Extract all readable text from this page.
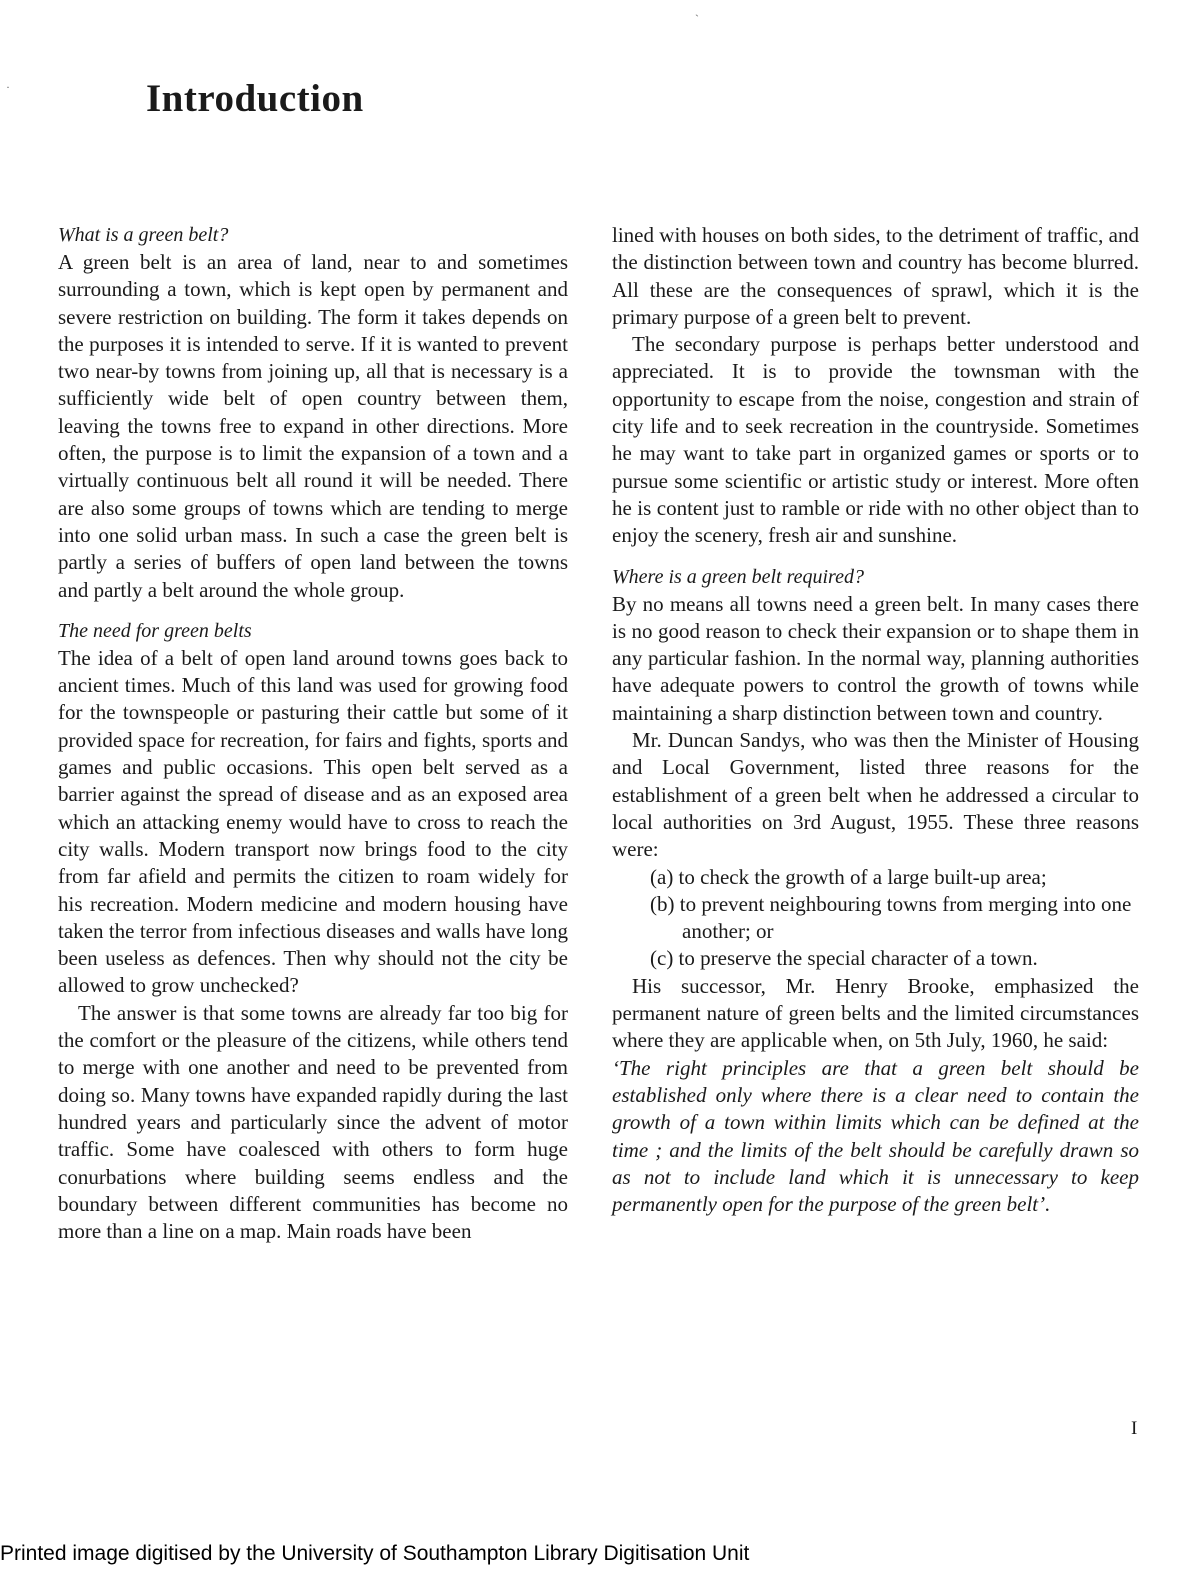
`
·	Introduction
What is a green belt?

A green belt is an area of land, near to and sometimes surrounding a town, which is kept open by permanent and severe restriction on building. The form it takes depends on the purposes it is intended to serve. If it is wanted to prevent two near-by towns from joining up, all that is necessary is a sufficiently wide belt of open country between them, leaving the towns free to expand in other directions. More often, the purpose is to limit the expansion of a town and a virtually continuous belt all round it will be needed. There are also some groups of towns which are tending to merge into one solid urban mass. In such a case the green belt is partly a series of buffers of open land between the towns and partly a belt around the whole group.

The need for green belts

The idea of a belt of open land around towns goes back to ancient times. Much of this land was used for growing food for the townspeople or pasturing their cattle but some of it provided space for recreation, for fairs and fights, sports and games and public occasions. This open belt served as a barrier against the spread of disease and as an exposed area which an attacking enemy would have to cross to reach the city walls. Modern transport now brings food to the city from far afield and permits the citizen to roam widely for his recreation. Modern medicine and modern housing have taken the terror from infectious diseases and walls have long been useless as defences. Then why should not the city be allowed to grow unchecked?

The answer is that some towns are already far too big for the comfort or the pleasure of the citizens, while others tend to merge with one another and need to be prevented from doing so. Many towns have expanded rapidly during the last hundred years and particularly since the advent of motor traffic. Some have coalesced with others to form huge conurbations where building seems endless and the boundary between different communities has become no more than a line on a map. Main roads have been

lined with houses on both sides, to the detriment of traffic, and the distinction between town and country has become blurred. All these are the consequences of sprawl, which it is the primary purpose of a green belt to prevent.

The secondary purpose is perhaps better understood and appreciated. It is to provide the townsman with the opportunity to escape from the noise, congestion and strain of city life and to seek recreation in the countryside. Sometimes he may want to take part in organized games or sports or to pursue some scientific or artistic study or interest. More often he is content just to ramble or ride with no other object than to enjoy the scenery, fresh air and sunshine.

Where is a green belt required?

By no means all towns need a green belt. In many cases there is no good reason to check their expansion or to shape them in any particular fashion. In the normal way, planning authorities have adequate powers to control the growth of towns while maintaining a sharp distinction between town and country.

Mr. Duncan Sandys, who was then the Minister of Housing and Local Government, listed three reasons for the establishment of a green belt when he addressed a circular to local authorities on 3rd August, 1955. These three reasons were:

(a) to check the growth of a large built-up area;
(b) to prevent neighbouring towns from merging into one another; or
(c) to preserve the special character of a town.

His successor, Mr. Henry Brooke, emphasized the permanent nature of green belts and the limited circumstances where they are applicable when, on 5th July, 1960, he said:

‘The right principles are that a green belt should be established only where there is a clear need to contain the growth of a town within limits which can be defined at the time ; and the limits of the belt should be carefully drawn so as not to include land which it is unnecessary to keep permanently open for the purpose of the green belt’.

I
Printed image digitised by the University of Southampton Library Digitisation Unit
